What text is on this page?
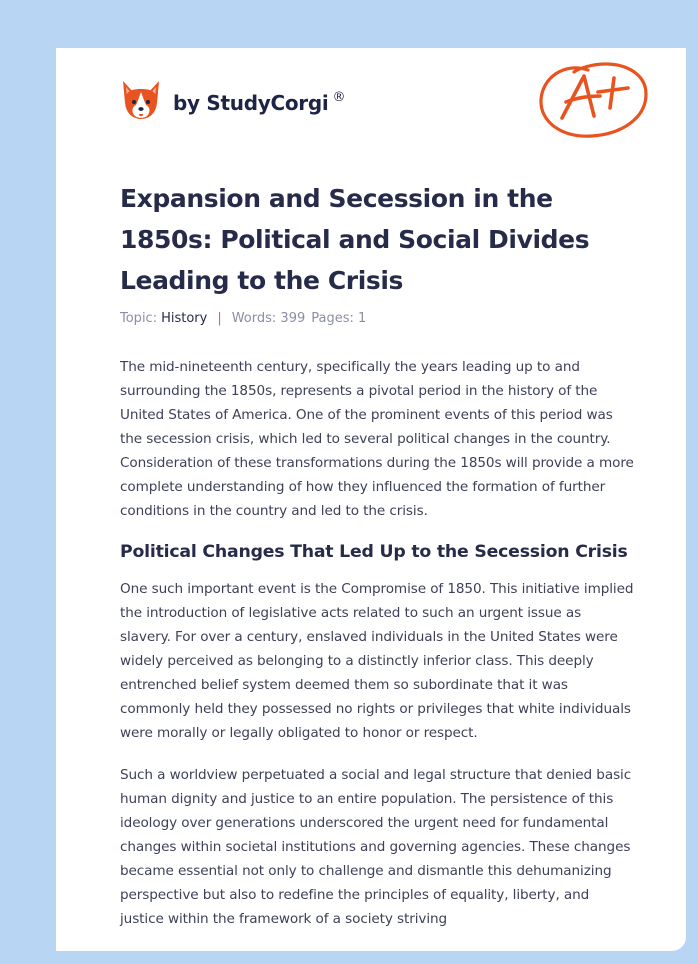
by StudyCorgi ®
Expansion and Secession in the 1850s: Political and Social Divides Leading to the Crisis
Topic: History | Words: 399 Pages: 1

The mid-nineteenth century, specifically the years leading up to and surrounding the 1850s, represents a pivotal period in the history of the United States of America. One of the prominent events of this period was the secession crisis, which led to several political changes in the country. Consideration of these transformations during the 1850s will provide a more complete understanding of how they influenced the formation of further conditions in the country and led to the crisis.

Political Changes That Led Up to the Secession Crisis

One such important event is the Compromise of 1850. This initiative implied the introduction of legislative acts related to such an urgent issue as slavery. For over a century, enslaved individuals in the United States were widely perceived as belonging to a distinctly inferior class. This deeply entrenched belief system deemed them so subordinate that it was commonly held they possessed no rights or privileges that white individuals were morally or legally obligated to honor or respect.

Such a worldview perpetuated a social and legal structure that denied basic human dignity and justice to an entire population. The persistence of this ideology over generations underscored the urgent need for fundamental changes within societal institutions and governing agencies. These changes became essential not only to challenge and dismantle this dehumanizing perspective but also to redefine the principles of equality, liberty, and justice within the framework of a society striving
